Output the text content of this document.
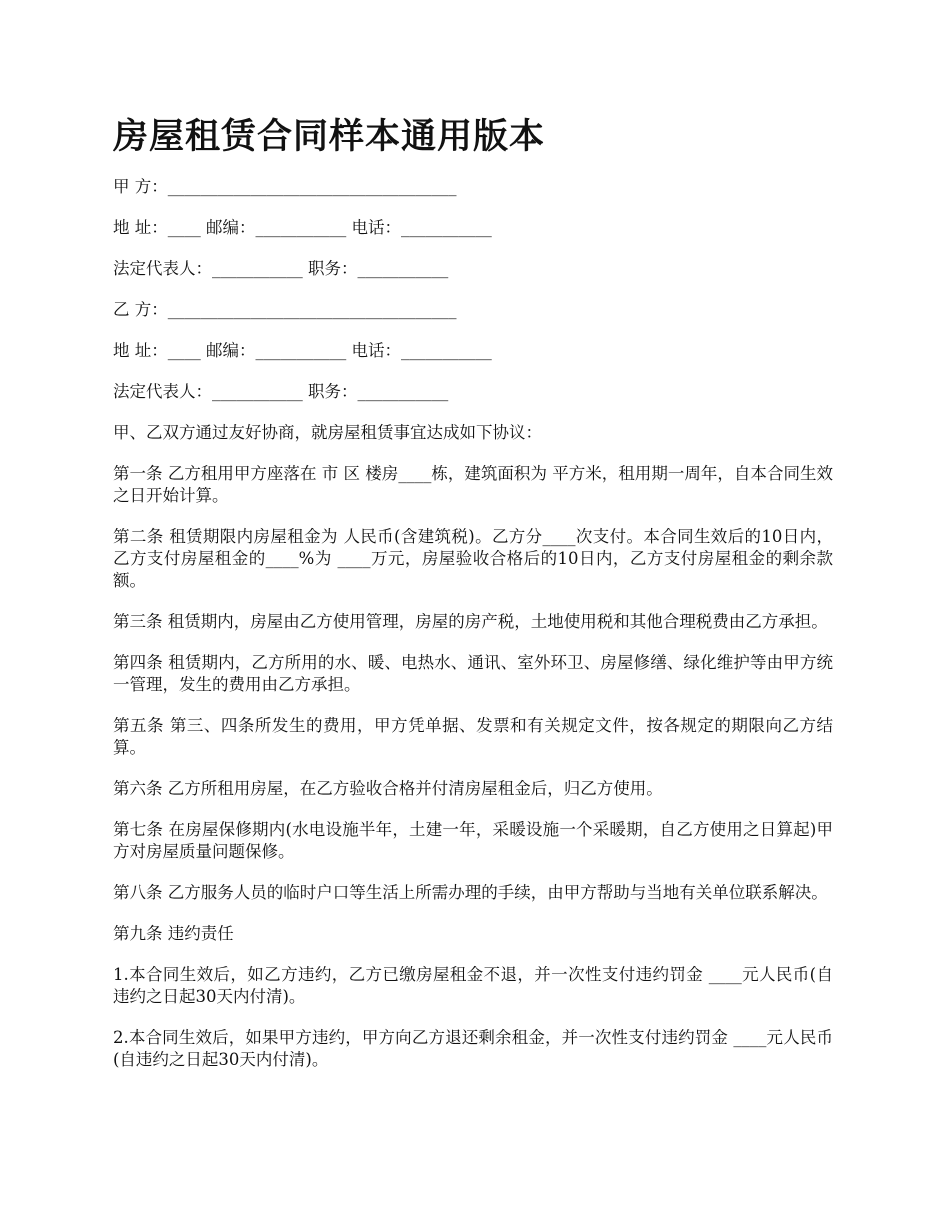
房屋租赁合同样本通用版本

甲 方：___________________________________

地 址：____ 邮编：___________ 电话：___________

法定代表人：___________ 职务：___________

乙 方：___________________________________

地 址：____ 邮编：___________ 电话：___________

法定代表人：___________ 职务：___________

甲、乙双方通过友好协商，就房屋租赁事宜达成如下协议：

第一条 乙方租用甲方座落在 市 区 楼房____栋，建筑面积为 平方米，租用期一周年，自本合同生效之日开始计算。

第二条 租赁期限内房屋租金为 人民币(含建筑税)。乙方分____次支付。本合同生效后的10日内，乙方支付房屋租金的____%为 ____万元，房屋验收合格后的10日内，乙方支付房屋租金的剩余款额。

第三条 租赁期内，房屋由乙方使用管理，房屋的房产税，土地使用税和其他合理税费由乙方承担。

第四条 租赁期内，乙方所用的水、暖、电热水、通讯、室外环卫、房屋修缮、绿化维护等由甲方统一管理，发生的费用由乙方承担。

第五条 第三、四条所发生的费用，甲方凭单据、发票和有关规定文件，按各规定的期限向乙方结算。

第六条 乙方所租用房屋，在乙方验收合格并付清房屋租金后，归乙方使用。

第七条 在房屋保修期内(水电设施半年，土建一年，采暖设施一个采暖期，自乙方使用之日算起)甲方对房屋质量问题保修。

第八条 乙方服务人员的临时户口等生活上所需办理的手续，由甲方帮助与当地有关单位联系解决。

第九条 违约责任

1.本合同生效后，如乙方违约，乙方已缴房屋租金不退，并一次性支付违约罚金 ____元人民币(自违约之日起30天内付清)。

2.本合同生效后，如果甲方违约，甲方向乙方退还剩余租金，并一次性支付违约罚金 ____元人民币(自违约之日起30天内付清)。
